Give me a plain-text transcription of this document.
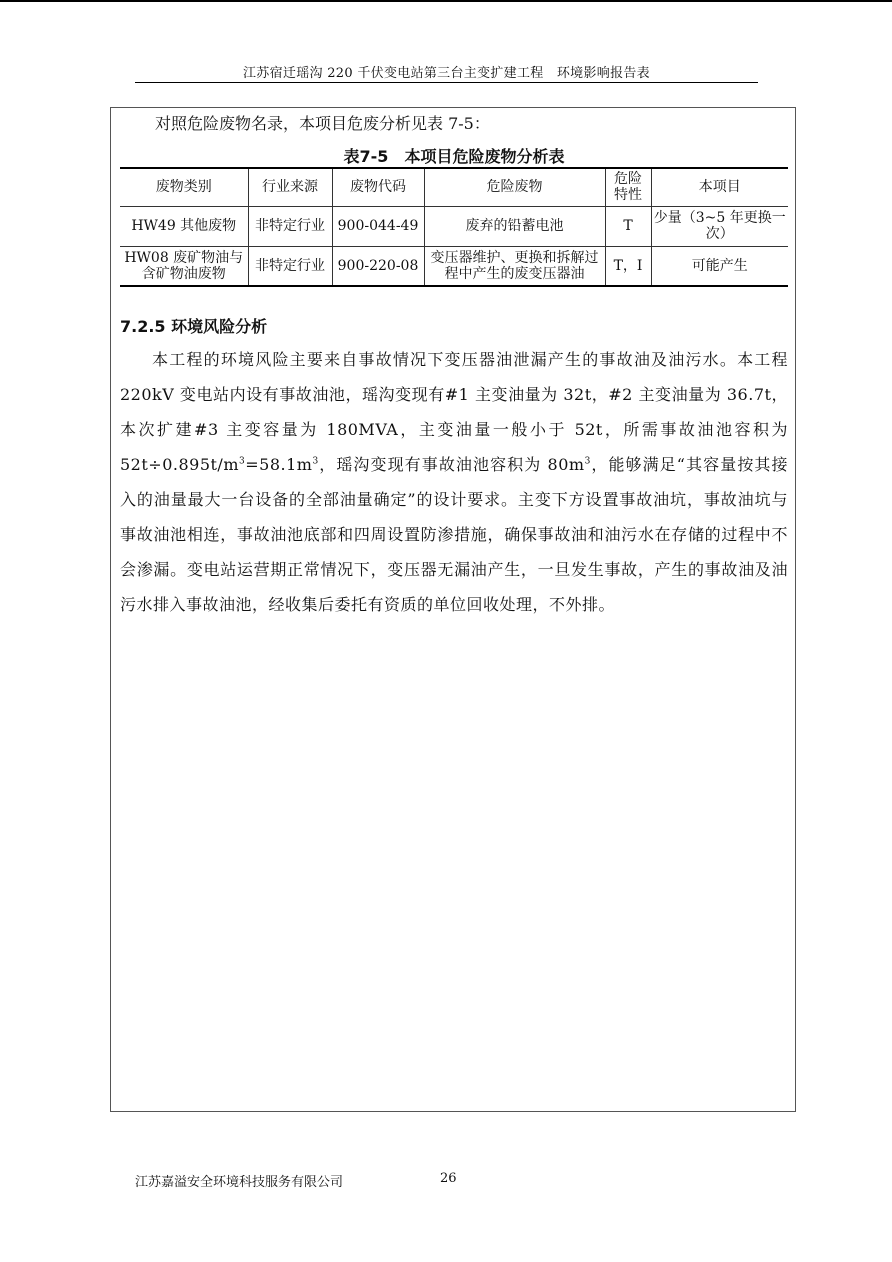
江苏宿迁瑶沟 220 千伏变电站第三台主变扩建工程　环境影响报告表
对照危险废物名录，本项目危废分析见表 7-5：
表7-5　本项目危险废物分析表
废物类别	行业来源	废物代码	危险废物	危险特性	本项目
HW49 其他废物	非特定行业	900-044-49	废弃的铅蓄电池	T	少量（3~5 年更换一次）
HW08 废矿物油与含矿物油废物	非特定行业	900-220-08	变压器维护、更换和拆解过程中产生的废变压器油	T，I	可能产生
7.2.5 环境风险分析

本工程的环境风险主要来自事故情况下变压器油泄漏产生的事故油及油污水。本工程 220kV 变电站内设有事故油池，瑶沟变现有#1 主变油量为 32t，#2 主变油量为 36.7t，本次扩建#3 主变容量为 180MVA，主变油量一般小于 52t，所需事故油池容积为 $52t\div 0.895t/m^3=58.1m^3$，瑶沟变现有事故油池容积为 $80m^3$，能够满足“其容量按其接入的油量最大一台设备的全部油量确定”的设计要求。主变下方设置事故油坑，事故油坑与事故油池相连，事故油池底部和四周设置防渗措施，确保事故油和油污水在存储的过程中不会渗漏。变电站运营期正常情况下，变压器无漏油产生，一旦发生事故，产生的事故油及油污水排入事故油池，经收集后委托有资质的单位回收处理，不外排。

江苏嘉溢安全环境科技服务有限公司	26
